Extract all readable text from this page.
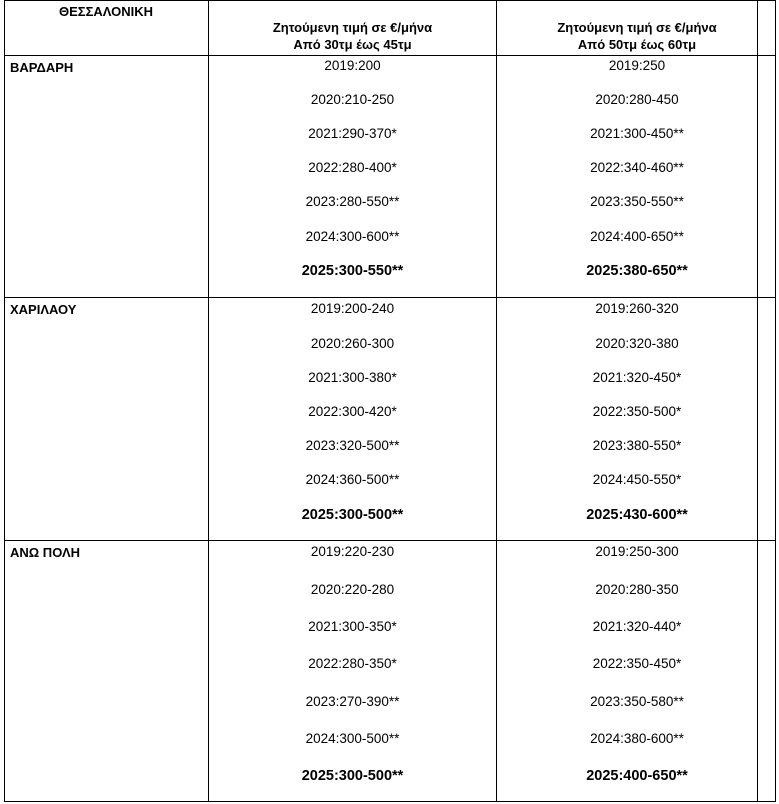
ΘΕΣΣΑΛΟΝΙΚΗ
Ζητούμενη τιμή σε €/μήνα
Από 30τμ έως 45τμ
Ζητούμενη τιμή σε €/μήνα
Από 50τμ έως 60τμ
ΒΑΡΔΑΡΗ
ΧΑΡΙΛΑΟΥ
ΑΝΩ ΠΟΛΗ
2019:200
2020:210-250
2021:290-370*
2022:280-400*
2023:280-550**
2024:300-600**
2025:300-550**
2019:250
2020:280-450
2021:300-450**
2022:340-460**
2023:350-550**
2024:400-650**
2025:380-650**
2019:200-240
2020:260-300
2021:300-380*
2022:300-420*
2023:320-500**
2024:360-500**
2025:300-500**
2019:260-320
2020:320-380
2021:320-450*
2022:350-500*
2023:380-550*
2024:450-550*
2025:430-600**
2019:220-230
2020:220-280
2021:300-350*
2022:280-350*
2023:270-390**
2024:300-500**
2025:300-500**
2019:250-300
2020:280-350
2021:320-440*
2022:350-450*
2023:350-580**
2024:380-600**
2025:400-650**
